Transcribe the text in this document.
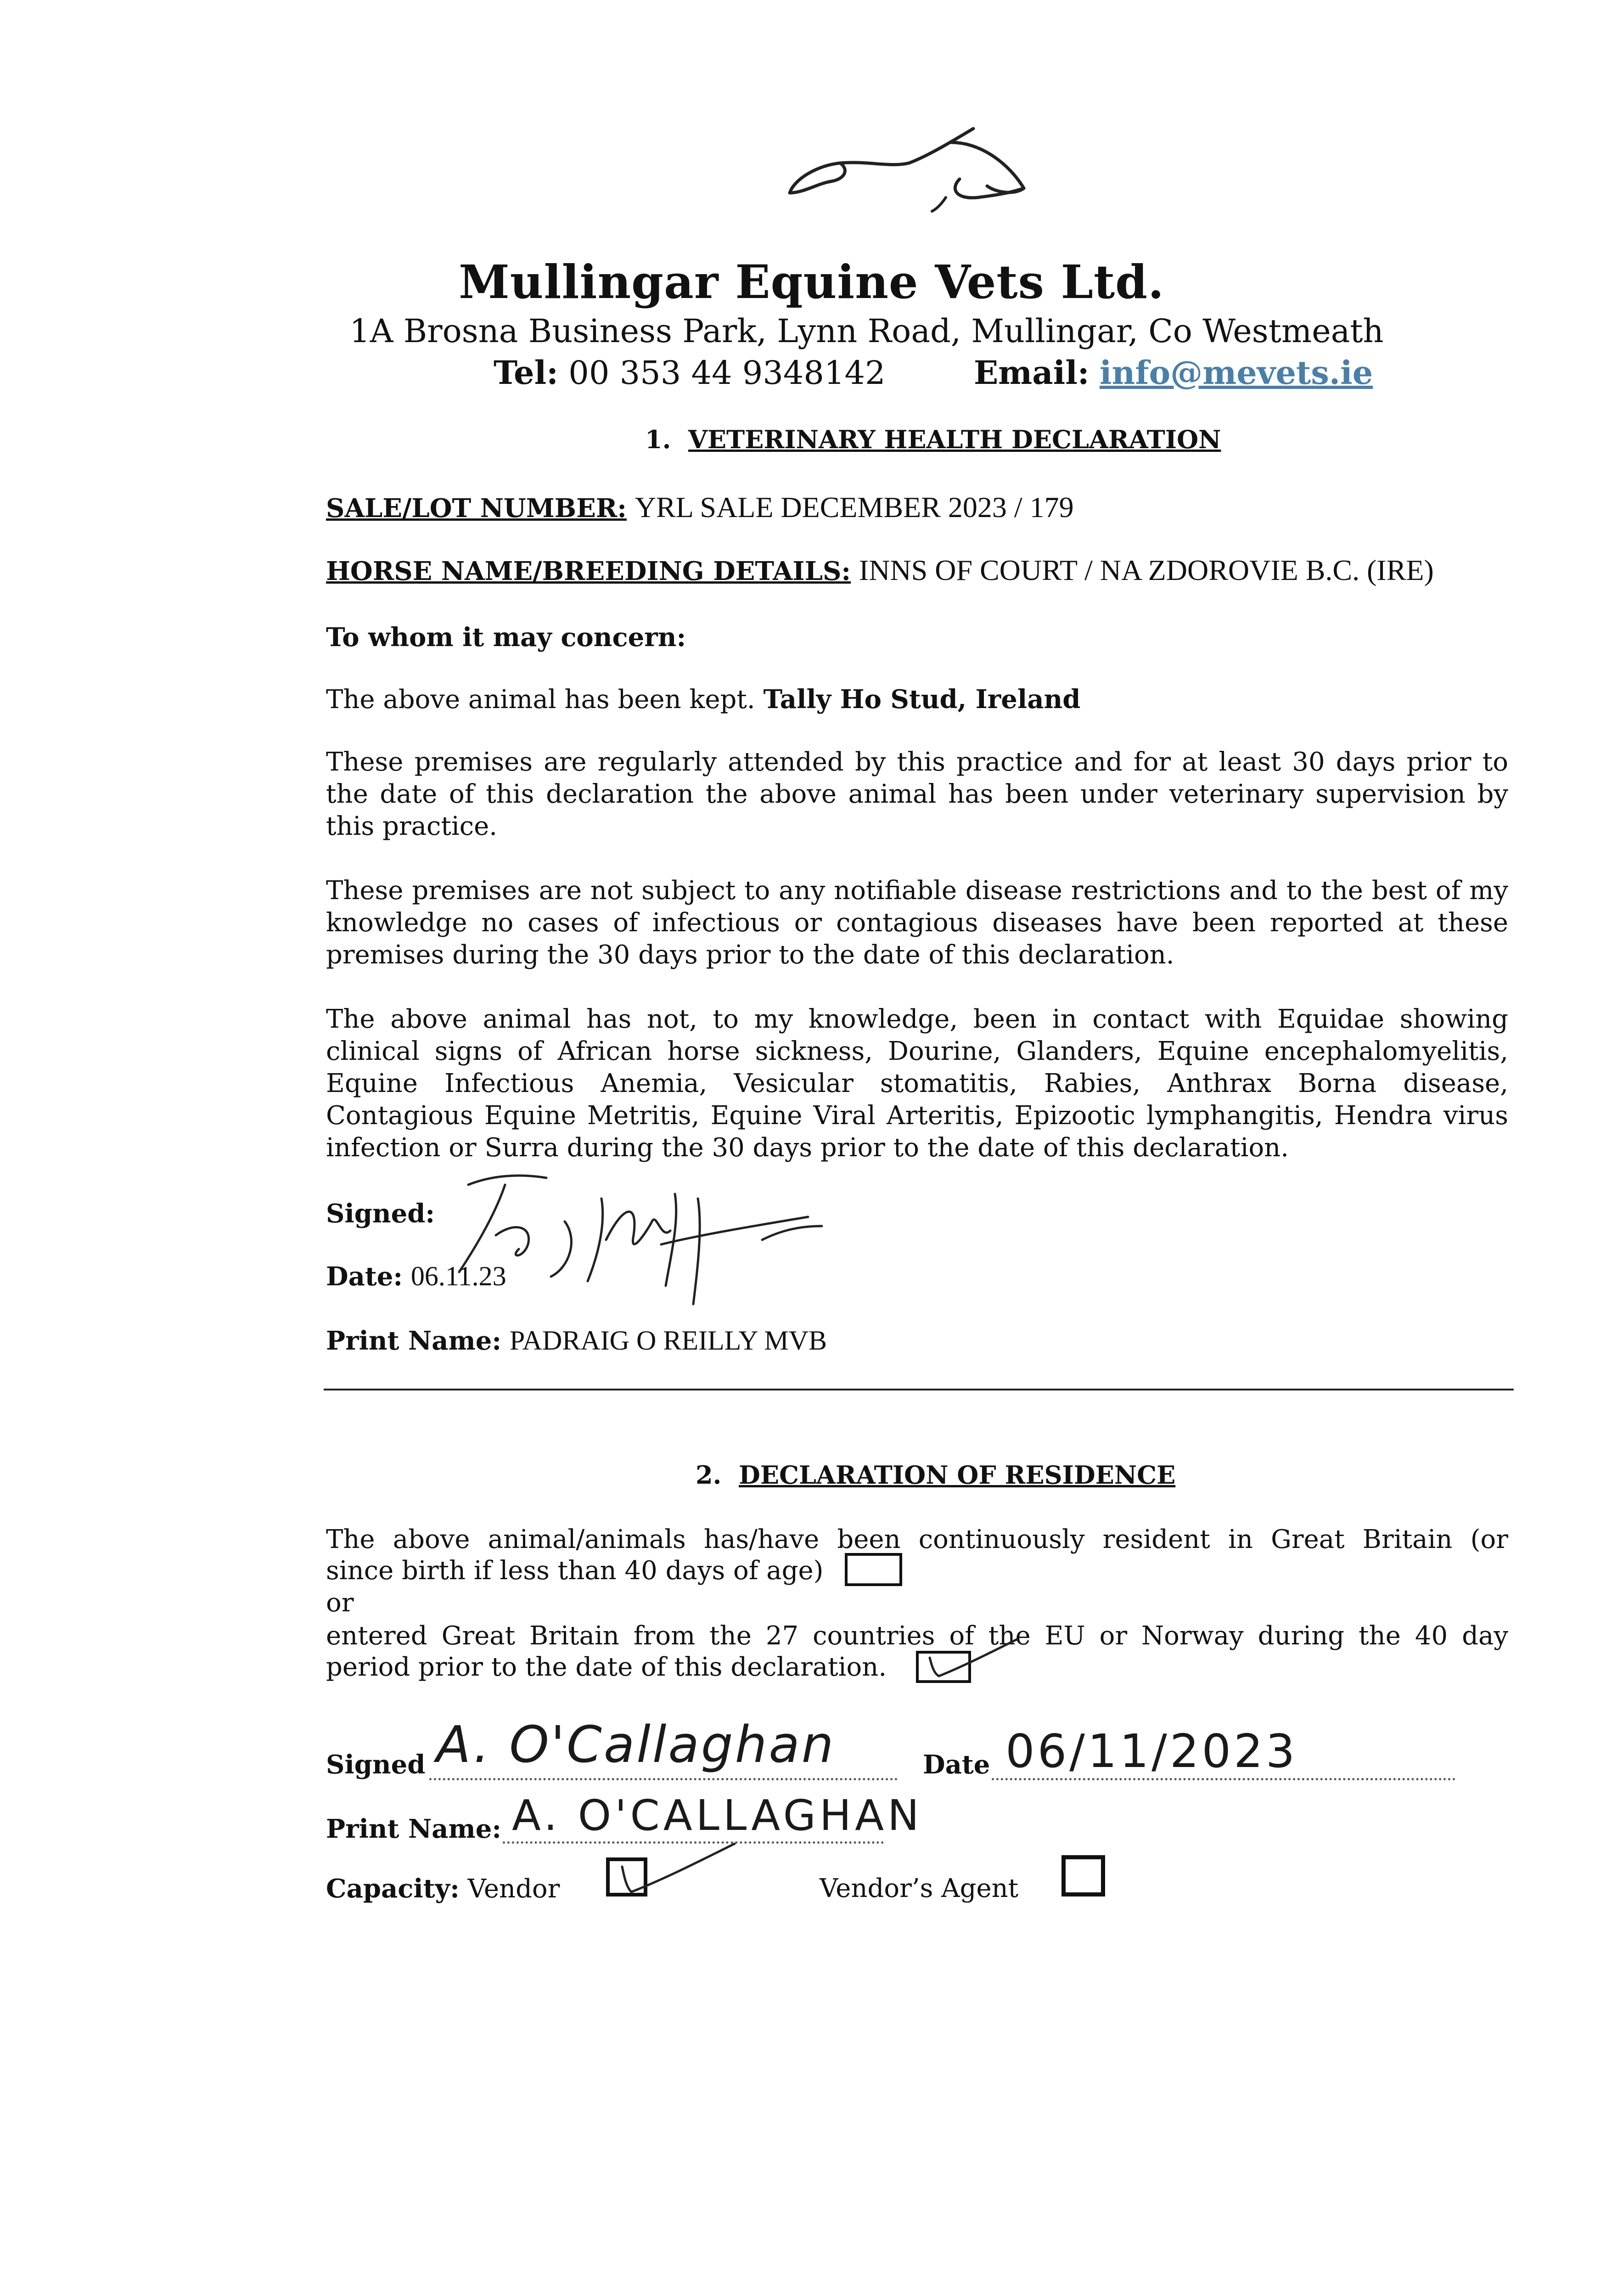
Mullingar Equine Vets Ltd.
1A Brosna Business Park, Lynn Road, Mullingar, Co Westmeath
Tel: 00 353 44 9348142	Email: info@mevets.ie
1. VETERINARY HEALTH DECLARATION
SALE/LOT NUMBER: YRL SALE DECEMBER 2023 / 179
HORSE NAME/BREEDING DETAILS: INNS OF COURT / NA ZDOROVIE B.C. (IRE)
To whom it may concern:
The above animal has been kept. Tally Ho Stud, Ireland
These premises are regularly attended by this practice and for at least 30 days prior to the date of this declaration the above animal has been under veterinary supervision by this practice.
These premises are not subject to any notifiable disease restrictions and to the best of my knowledge no cases of infectious or contagious diseases have been reported at these premises during the 30 days prior to the date of this declaration.
The above animal has not, to my knowledge, been in contact with Equidae showing clinical signs of African horse sickness, Dourine, Glanders, Equine encephalomyelitis, Equine Infectious Anemia, Vesicular stomatitis, Rabies, Anthrax Borna disease, Contagious Equine Metritis, Equine Viral Arteritis, Epizootic lymphangitis, Hendra virus infection or Surra during the 30 days prior to the date of this declaration.
Signed:
Date: 06.11.23
Print Name: PADRAIG O REILLY MVB
2. DECLARATION OF RESIDENCE
The above animal/animals has/have been continuously resident in Great Britain (or
since birth if less than 40 days of age)
or
entered Great Britain from the 27 countries of the EU or Norway during the 40 day
period prior to the date of this declaration.
Signed A. O'Callaghan	Date 06/11/2023
Print Name: A. O'CALLAGHAN
Capacity: Vendor	Vendor’s Agent
